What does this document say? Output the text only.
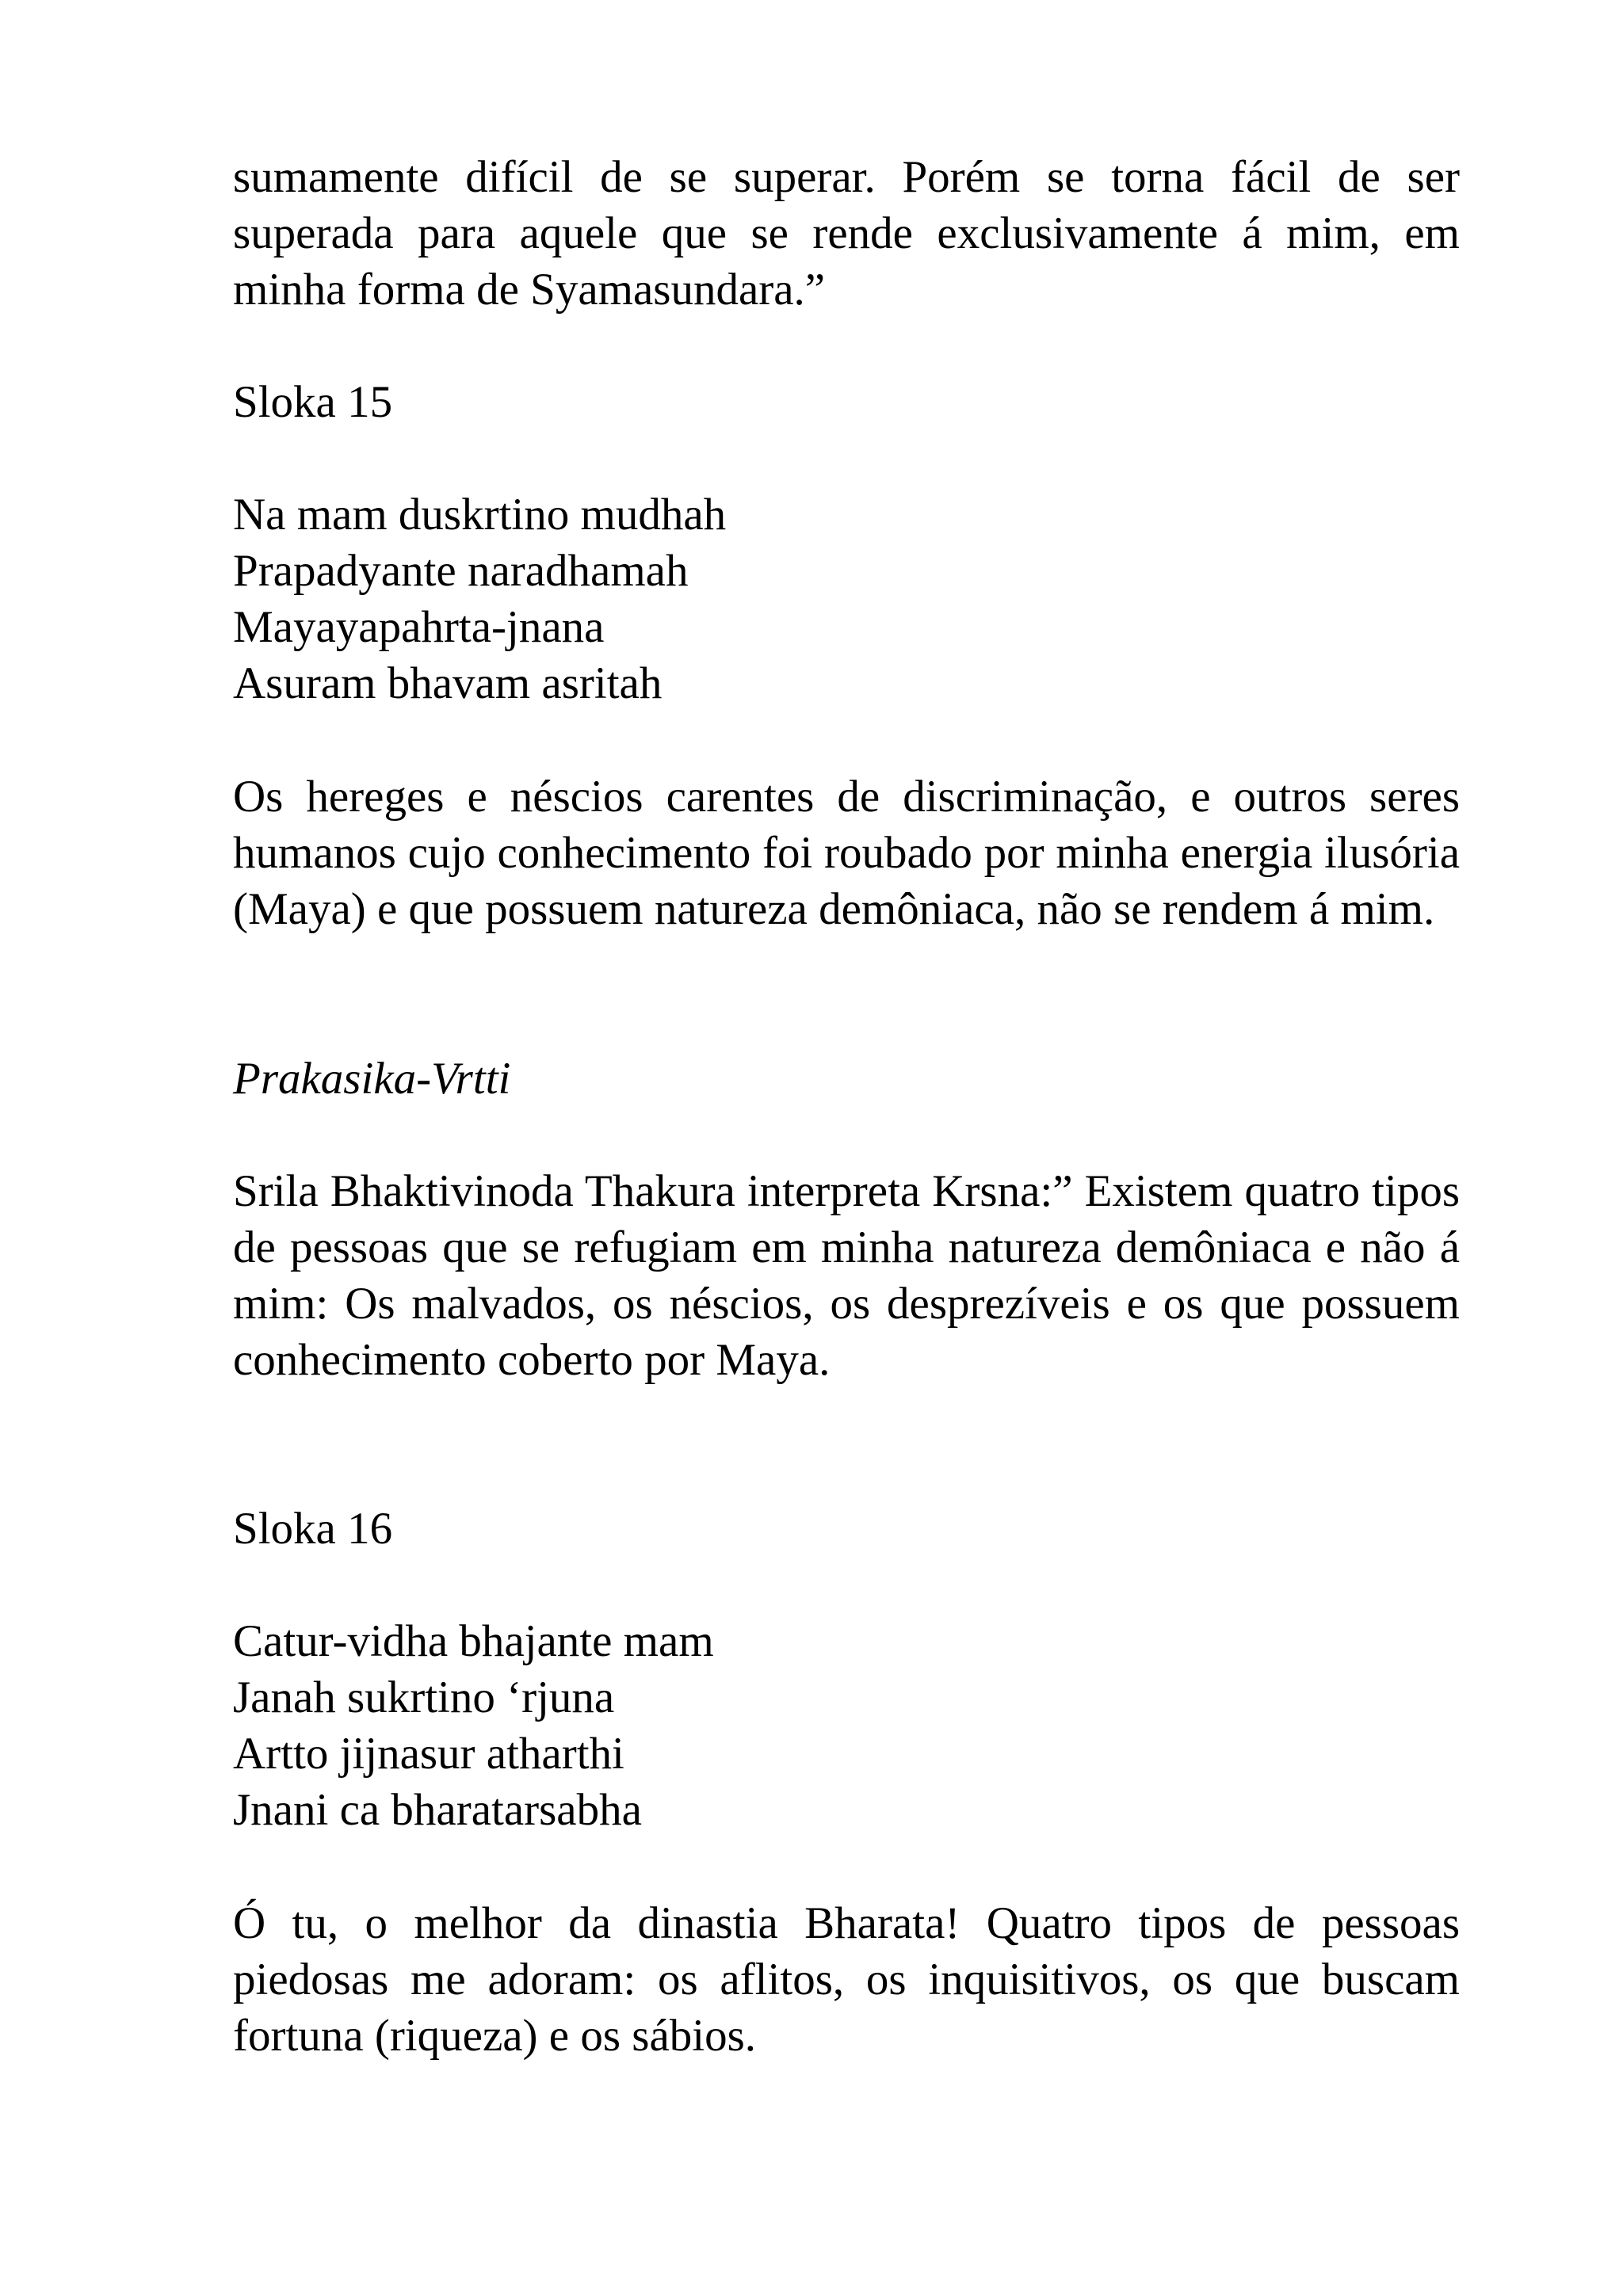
sumamente difícil de se superar. Porém se torna fácil de ser superada para aquele que se rende exclusivamente á mim, em minha forma de Syamasundara.”

Sloka 15

Na mam duskrtino mudhah
Prapadyante naradhamah
Mayayapahrta-jnana
Asuram bhavam asritah

Os hereges e néscios carentes de discriminação, e outros seres humanos cujo conhecimento foi roubado por minha energia ilusória (Maya) e que possuem natureza demôniaca, não se rendem á mim.

Prakasika-Vrtti

Srila Bhaktivinoda Thakura interpreta Krsna:” Existem quatro tipos de pessoas que se refugiam em minha natureza demôniaca e não á mim: Os malvados, os néscios, os desprezíveis e os que possuem conhecimento coberto por Maya.

Sloka 16

Catur-vidha bhajante mam
Janah sukrtino ‘rjuna
Artto jijnasur atharthi
Jnani ca bharatarsabha

Ó tu, o melhor da dinastia Bharata! Quatro tipos de pessoas piedosas me adoram: os aflitos, os inquisitivos, os que buscam fortuna (riqueza) e os sábios.
